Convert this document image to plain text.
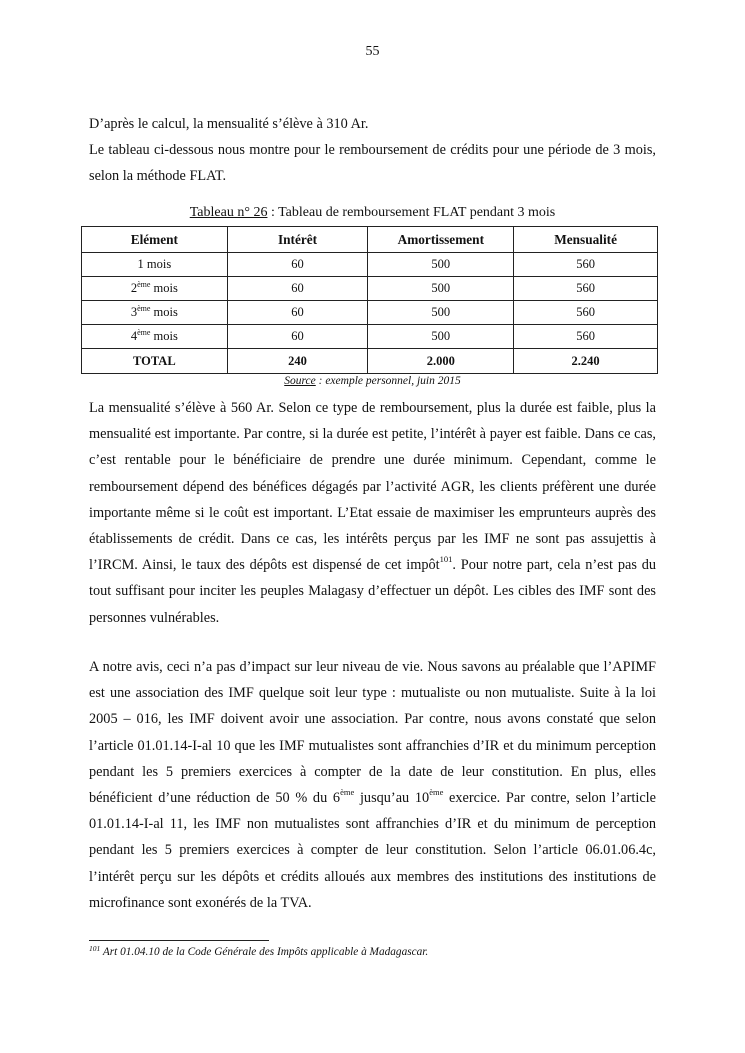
55

D’après le calcul, la mensualité s’élève à 310 Ar.

Le tableau ci-dessous nous montre pour le remboursement de crédits pour une période de 3 mois, selon la méthode FLAT.

Tableau n° 26 : Tableau de remboursement FLAT pendant 3 mois
Elément	Intérêt	Amortissement	Mensualité
1 mois	60	500	560
2ème mois	60	500	560
3ème mois	60	500	560
4ème mois	60	500	560
TOTAL	240	2.000	2.240
Source : exemple personnel, juin 2015

La mensualité s’élève à 560 Ar. Selon ce type de remboursement, plus la durée est faible, plus la mensualité est importante. Par contre, si la durée est petite, l’intérêt à payer est faible. Dans ce cas, c’est rentable pour le bénéficiaire de prendre une durée minimum. Cependant, comme le remboursement dépend des bénéfices dégagés par l’activité AGR, les clients préfèrent une durée importante même si le coût est important. L’Etat essaie de maximiser les emprunteurs auprès des établissements de crédit. Dans ce cas, les intérêts perçus par les IMF ne sont pas assujettis à l’IRCM. Ainsi, le taux des dépôts est dispensé de cet impôt$^{101}$. Pour notre part, cela n’est pas du tout suffisant pour inciter les peuples Malagasy d’effectuer un dépôt. Les cibles des IMF sont des personnes vulnérables.

A notre avis, ceci n’a pas d’impact sur leur niveau de vie. Nous savons au préalable que l’APIMF est une association des IMF quelque soit leur type : mutualiste ou non mutualiste. Suite à la loi 2005 – 016, les IMF doivent avoir une association. Par contre, nous avons constaté que selon l’article 01.01.14-I-al 10 que les IMF mutualistes sont affranchies d’IR et du minimum perception pendant les 5 premiers exercices à compter de la date de leur constitution. En plus, elles bénéficient d’une réduction de 50 % du 6ème jusqu’au 10ème exercice. Par contre, selon l’article 01.01.14-I-al 11, les IMF non mutualistes sont affranchies d’IR et du minimum de perception pendant les 5 premiers exercices à compter de leur constitution. Selon l’article 06.01.06.4c, l’intérêt perçu sur les dépôts et crédits alloués aux membres des institutions des institutions de microfinance sont exonérés de la TVA.

$^{101}$ Art 01.04.10 de la Code Générale des Impôts applicable à Madagascar.
